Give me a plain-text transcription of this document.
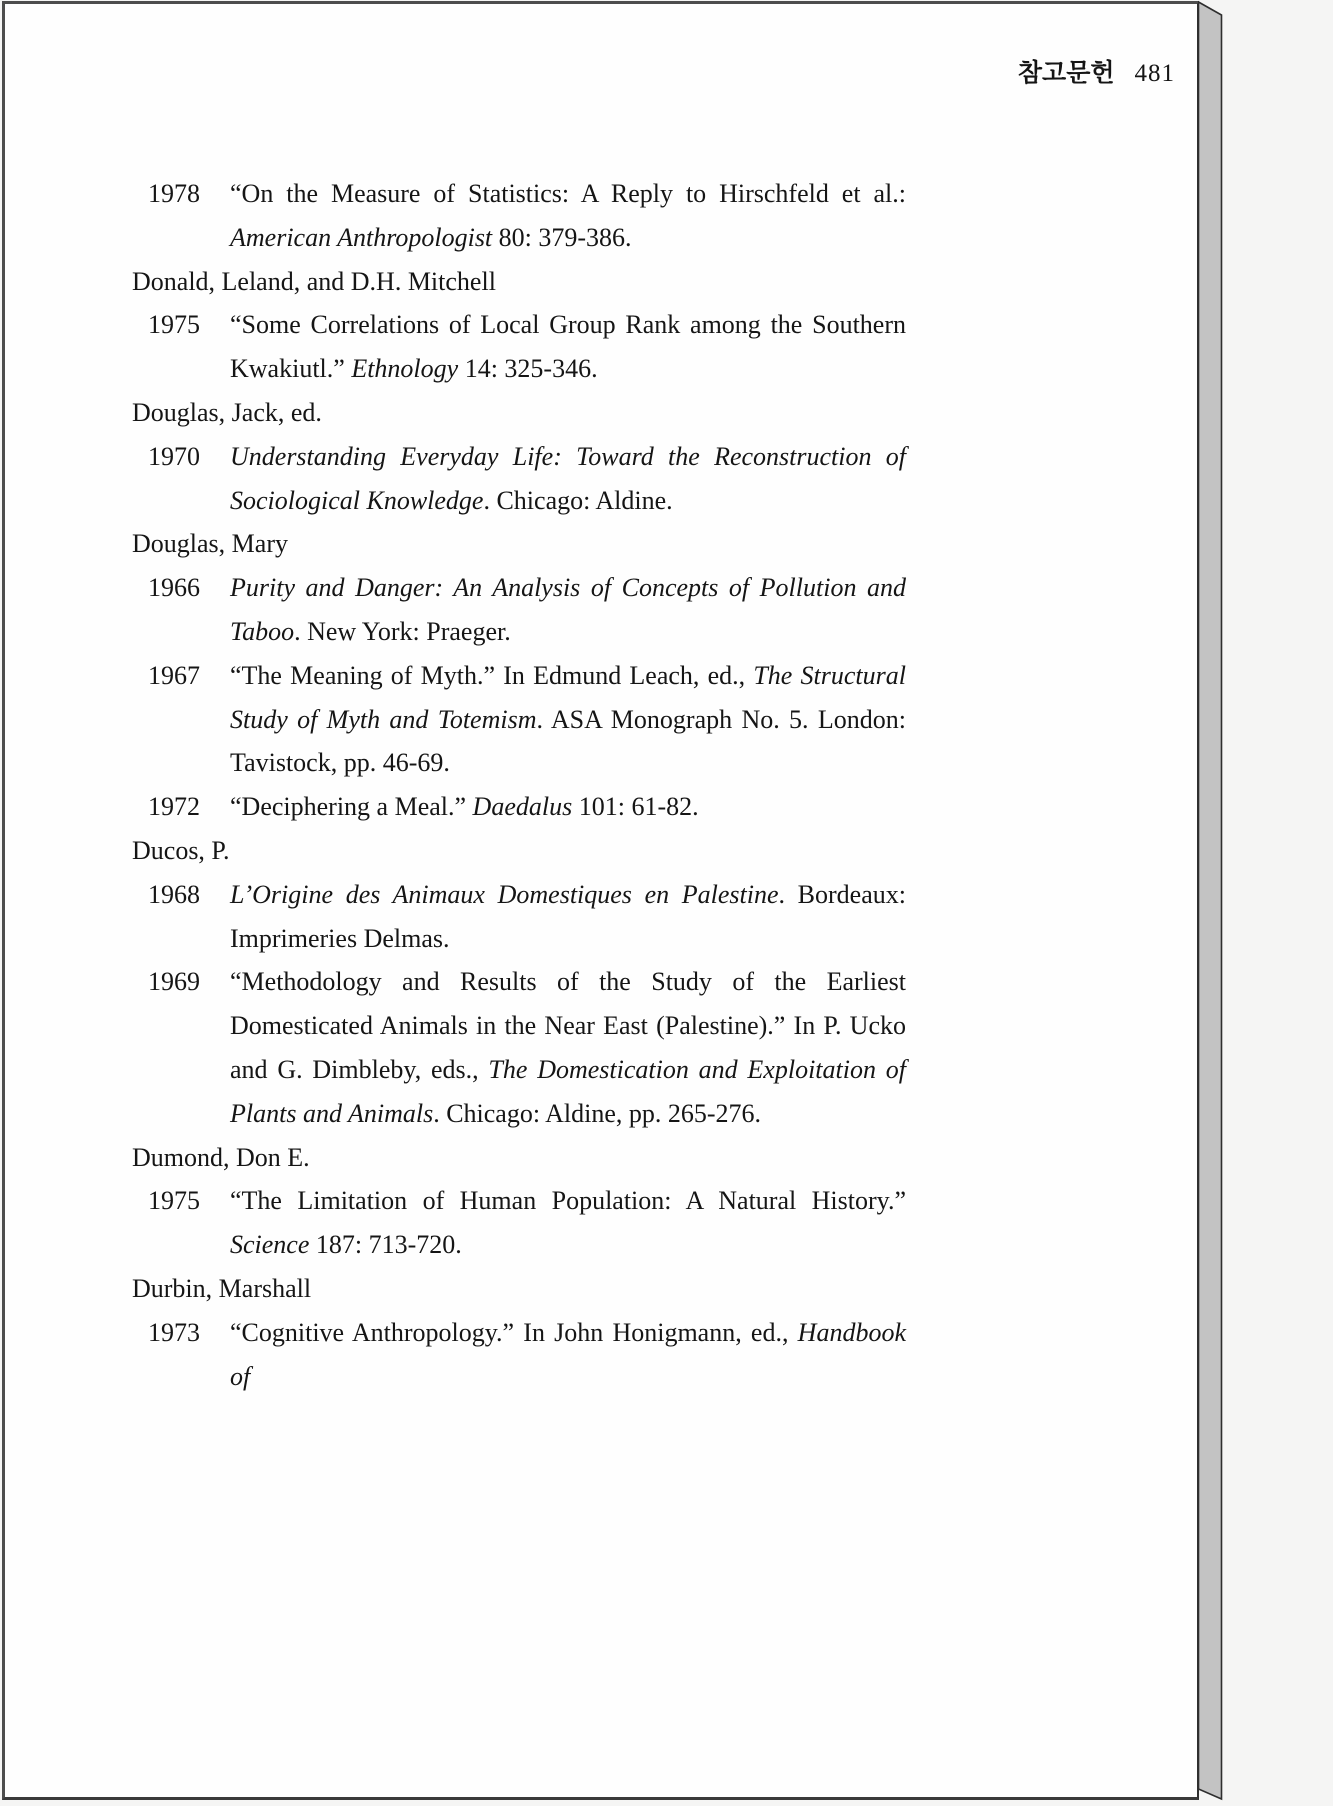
1978	“On the Measure of Statistics: A Reply to Hirschfeld et al.:
American Anthropologist 80: 379-386.
Donald, Leland, and D.H. Mitchell
1975	“Some Correlations of Local Group Rank among the Southern
Kwakiutl.” Ethnology 14: 325-346.
Douglas, Jack, ed.
1970	Understanding Everyday Life: Toward the Reconstruction of
Sociological Knowledge. Chicago: Aldine.
Douglas, Mary
1966	Purity and Danger: An Analysis of Concepts of Pollution and
Taboo. New York: Praeger.
1967	“The Meaning of Myth.” In Edmund Leach, ed., The Structural
Study of Myth and Totemism. ASA Monograph No. 5. London:
Tavistock, pp. 46-69.
1972	“Deciphering a Meal.” Daedalus 101: 61-82.
Ducos, P.
1968	L’Origine des Animaux Domestiques en Palestine. Bordeaux:
Imprimeries Delmas.
1969	“Methodology and Results of the Study of the Earliest
Domesticated Animals in the Near East (Palestine).” In P. Ucko
and G. Dimbleby, eds., The Domestication and Exploitation of
Plants and Animals. Chicago: Aldine, pp. 265-276.
Dumond, Don E.
1975	“The Limitation of Human Population: A Natural History.”
Science 187: 713-720.
Durbin, Marshall
1973	“Cognitive Anthropology.” In John Honigmann, ed., Handbook of
참고문헌 481
